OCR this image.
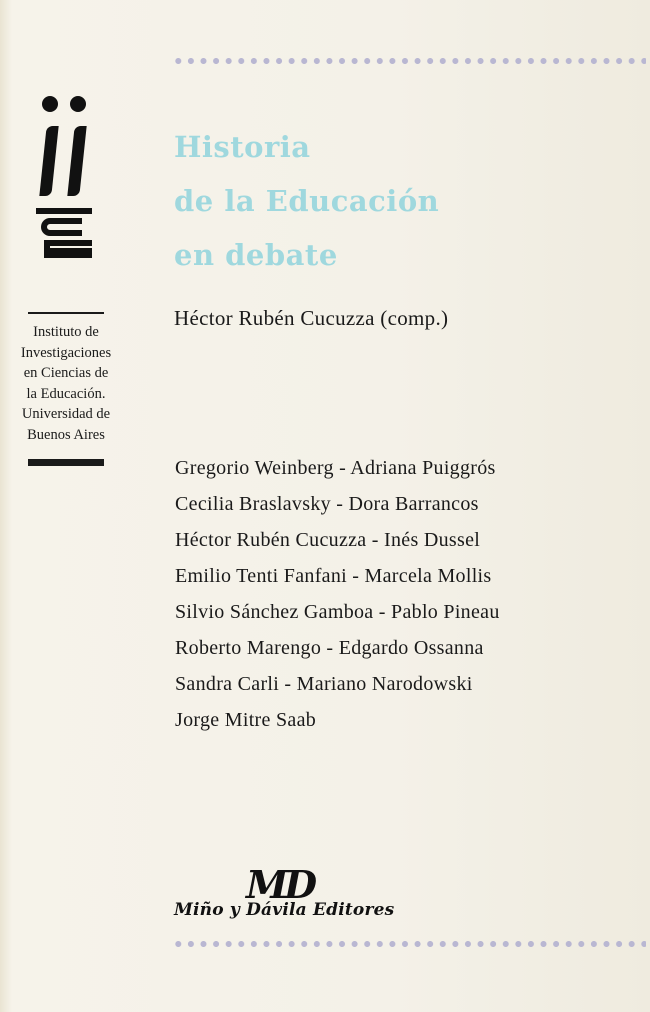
Instituto de
Investigaciones
en Ciencias de
la Educación.
Universidad de
Buenos Aires
Historia
de la Educación
en debate
Héctor Rubén Cucuzza (comp.)
Gregorio Weinberg - Adriana Puiggrós
Cecilia Braslavsky - Dora Barrancos
Héctor Rubén Cucuzza - Inés Dussel
Emilio Tenti Fanfani - Marcela Mollis
Silvio Sánchez Gamboa - Pablo Pineau
Roberto Marengo - Edgardo Ossanna
Sandra Carli - Mariano Narodowski
Jorge Mitre Saab
MD
Miño y Dávila Editores
